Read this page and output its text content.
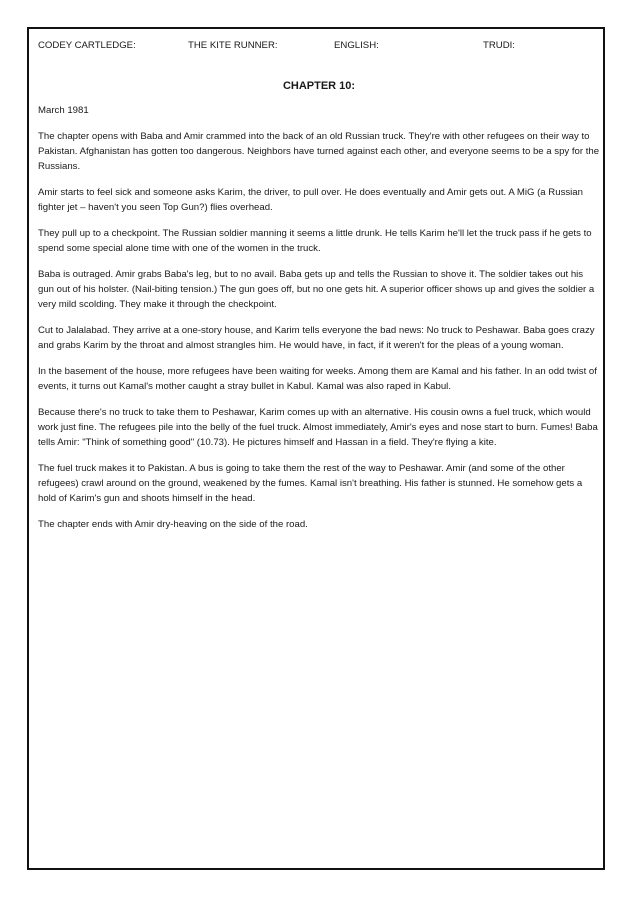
CODEY CARTLEDGE:	THE KITE RUNNER:	ENGLISH:	TRUDI:
CHAPTER 10:

March 1981

The chapter opens with Baba and Amir crammed into the back of an old Russian truck. They're with other refugees on their way to Pakistan. Afghanistan has gotten too dangerous. Neighbors have turned against each other, and everyone seems to be a spy for the Russians.

Amir starts to feel sick and someone asks Karim, the driver, to pull over. He does eventually and Amir gets out. A MiG (a Russian fighter jet – haven't you seen Top Gun?) flies overhead.

They pull up to a checkpoint. The Russian soldier manning it seems a little drunk. He tells Karim he'll let the truck pass if he gets to spend some special alone time with one of the women in the truck.

Baba is outraged. Amir grabs Baba's leg, but to no avail. Baba gets up and tells the Russian to shove it. The soldier takes out his gun out of his holster. (Nail-biting tension.) The gun goes off, but no one gets hit. A superior officer shows up and gives the soldier a very mild scolding. They make it through the checkpoint.

Cut to Jalalabad. They arrive at a one-story house, and Karim tells everyone the bad news: No truck to Peshawar. Baba goes crazy and grabs Karim by the throat and almost strangles him. He would have, in fact, if it weren't for the pleas of a young woman.

In the basement of the house, more refugees have been waiting for weeks. Among them are Kamal and his father. In an odd twist of events, it turns out Kamal's mother caught a stray bullet in Kabul. Kamal was also raped in Kabul.

Because there's no truck to take them to Peshawar, Karim comes up with an alternative. His cousin owns a fuel truck, which would work just fine. The refugees pile into the belly of the fuel truck. Almost immediately, Amir's eyes and nose start to burn. Fumes! Baba tells Amir: "Think of something good" (10.73). He pictures himself and Hassan in a field. They're flying a kite.

The fuel truck makes it to Pakistan. A bus is going to take them the rest of the way to Peshawar. Amir (and some of the other refugees) crawl around on the ground, weakened by the fumes. Kamal isn't breathing. His father is stunned. He somehow gets a hold of Karim's gun and shoots himself in the head.

The chapter ends with Amir dry-heaving on the side of the road.
